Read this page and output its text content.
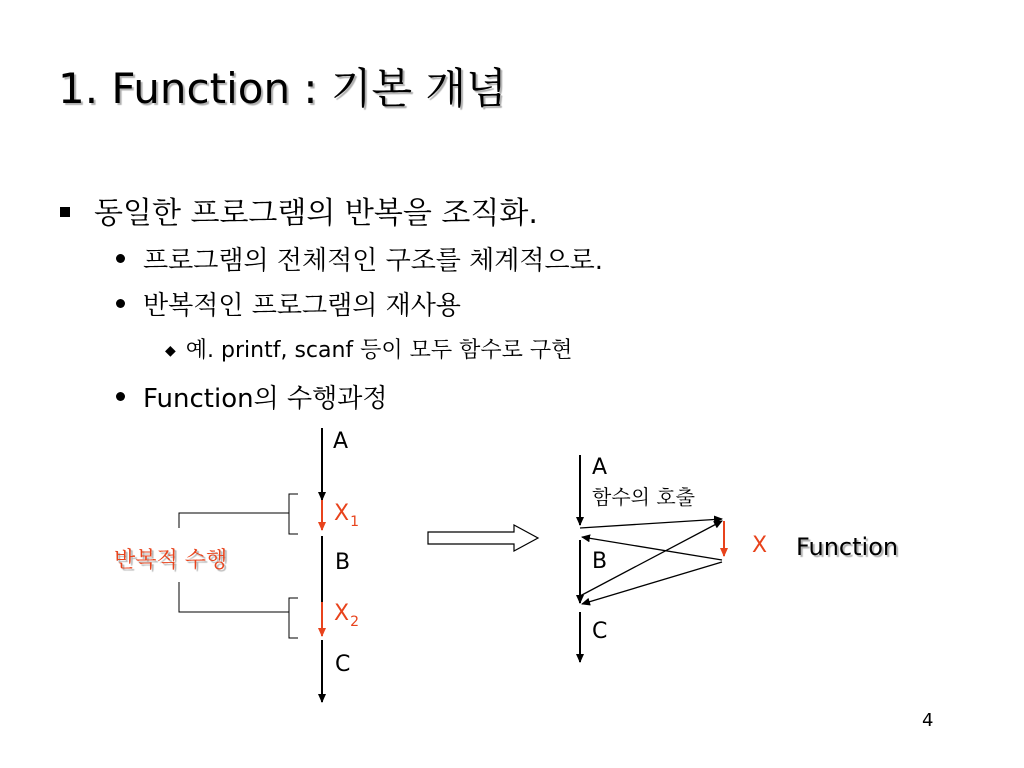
1. Function : 기본 개념
동일한 프로그램의 반복을 조직화.
프로그램의 전체적인 구조를 체계적으로.
반복적인 프로그램의 재사용
◆ 예. printf, scanf 등이 모두 함수로 구현
Function의 수행과정
A
$X_1$
B
$X_2$
C
반복적 수행
A
함수의 호출
B
C
X Function
4
